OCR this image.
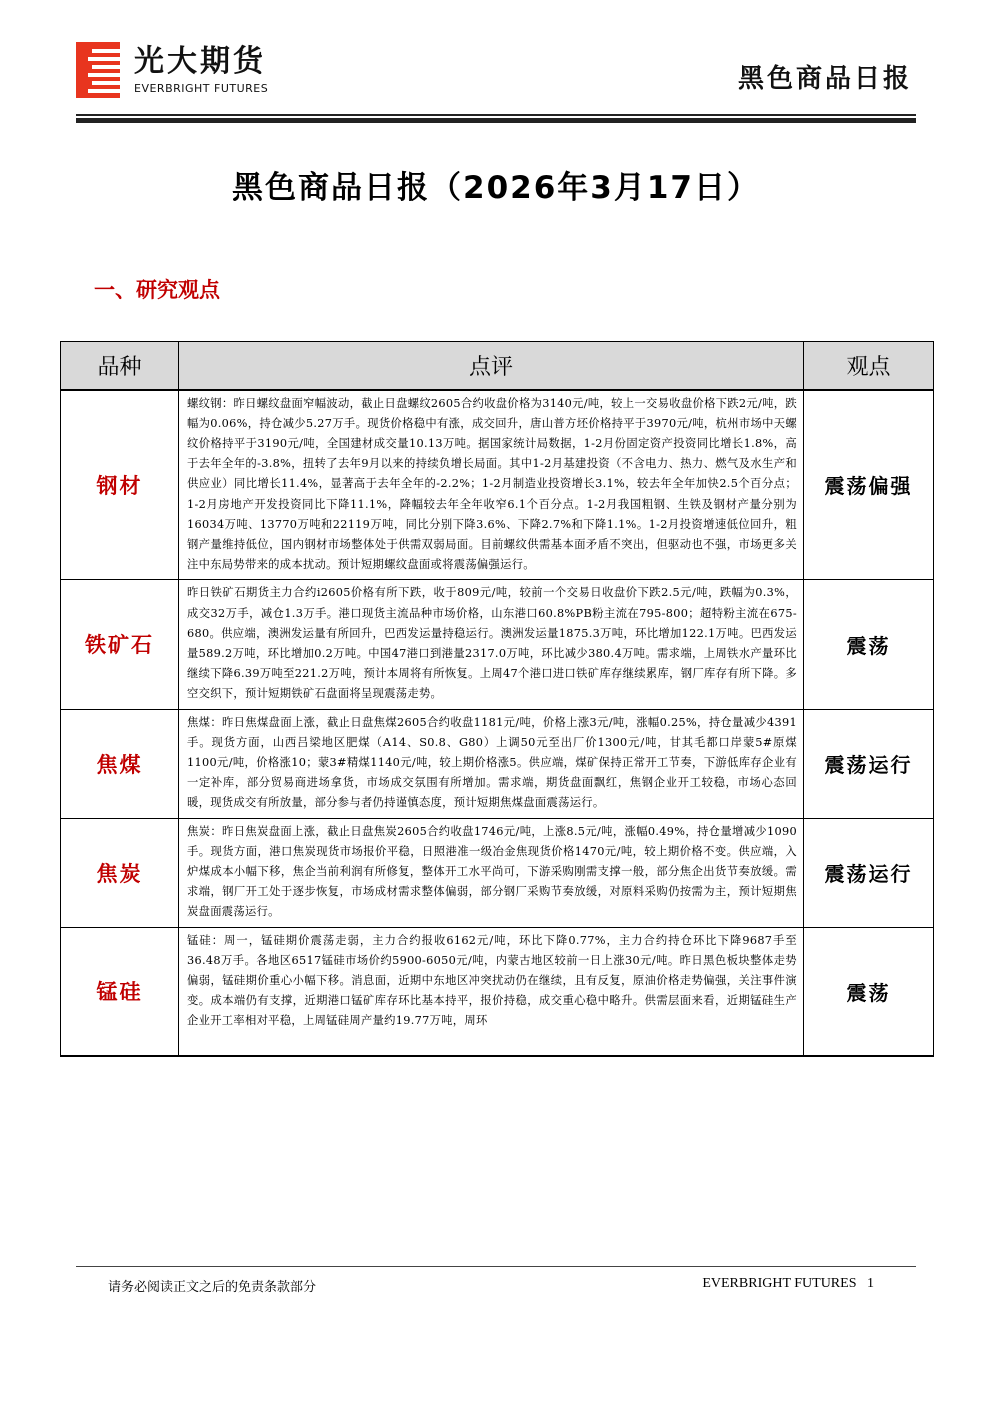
光大期货
EVERBRIGHT FUTURES	黑色商品日报
黑色商品日报（2026年3月17日）
一、研究观点
品种	点评	观点
钢材	螺纹钢：昨日螺纹盘面窄幅波动，截止日盘螺纹2605合约收盘价格为3140元/吨，较上一交易收盘价格下跌2元/吨，跌幅为0.06%，持仓减少5.27万手。现货价格稳中有涨，成交回升，唐山普方坯价格持平于3970元/吨，杭州市场中天螺纹价格持平于3190元/吨，全国建材成交量10.13万吨。据国家统计局数据，1-2月份固定资产投资同比增长1.8%，高于去年全年的-3.8%，扭转了去年9月以来的持续负增长局面。其中1-2月基建投资（不含电力、热力、燃气及水生产和供应业）同比增长11.4%，显著高于去年全年的-2.2%；1-2月制造业投资增长3.1%，较去年全年加快2.5个百分点；1-2月房地产开发投资同比下降11.1%，降幅较去年全年收窄6.1个百分点。1-2月我国粗钢、生铁及钢材产量分别为16034万吨、13770万吨和22119万吨，同比分别下降3.6%、下降2.7%和下降1.1%。1-2月投资增速低位回升，粗钢产量维持低位，国内钢材市场整体处于供需双弱局面。目前螺纹供需基本面矛盾不突出，但驱动也不强，市场更多关注中东局势带来的成本扰动。预计短期螺纹盘面或将震荡偏强运行。	震荡偏强
铁矿石	昨日铁矿石期货主力合约i2605价格有所下跌，收于809元/吨，较前一个交易日收盘价下跌2.5元/吨，跌幅为0.3%，成交32万手，减仓1.3万手。港口现货主流品种市场价格，山东港口60.8%PB粉主流在795-800；超特粉主流在675-680。供应端，澳洲发运量有所回升，巴西发运量持稳运行。澳洲发运量1875.3万吨，环比增加122.1万吨。巴西发运量589.2万吨，环比增加0.2万吨。中国47港口到港量2317.0万吨，环比减少380.4万吨。需求端，上周铁水产量环比继续下降6.39万吨至221.2万吨，预计本周将有所恢复。上周47个港口进口铁矿库存继续累库，钢厂库存有所下降。多空交织下，预计短期铁矿石盘面将呈现震荡走势。	震荡
焦煤	焦煤：昨日焦煤盘面上涨，截止日盘焦煤2605合约收盘1181元/吨，价格上涨3元/吨，涨幅0.25%，持仓量减少4391手。现货方面，山西吕梁地区肥煤（A14、S0.8、G80）上调50元至出厂价1300元/吨，甘其毛都口岸蒙5#原煤1100元/吨，价格涨10；蒙3#精煤1140元/吨，较上期价格涨5。供应端，煤矿保持正常开工节奏，下游低库存企业有一定补库，部分贸易商进场拿货，市场成交氛围有所增加。需求端，期货盘面飘红，焦钢企业开工较稳，市场心态回暖，现货成交有所放量，部分参与者仍持谨慎态度，预计短期焦煤盘面震荡运行。	震荡运行
焦炭	焦炭：昨日焦炭盘面上涨，截止日盘焦炭2605合约收盘1746元/吨，上涨8.5元/吨，涨幅0.49%，持仓量增减少1090手。现货方面，港口焦炭现货市场报价平稳，日照港准一级冶金焦现货价格1470元/吨，较上期价格不变。供应端，入炉煤成本小幅下移，焦企当前利润有所修复，整体开工水平尚可，下游采购刚需支撑一般，部分焦企出货节奏放缓。需求端，钢厂开工处于逐步恢复，市场成材需求整体偏弱，部分钢厂采购节奏放缓，对原料采购仍按需为主，预计短期焦炭盘面震荡运行。	震荡运行
锰硅	锰硅：周一，锰硅期价震荡走弱，主力合约报收6162元/吨，环比下降0.77%，主力合约持仓环比下降9687手至36.48万手。各地区6517锰硅市场价约5900-6050元/吨，内蒙古地区较前一日上涨30元/吨。昨日黑色板块整体走势偏弱，锰硅期价重心小幅下移。消息面，近期中东地区冲突扰动仍在继续，且有反复，原油价格走势偏强，关注事件演变。成本端仍有支撑，近期港口锰矿库存环比基本持平，报价持稳，成交重心稳中略升。供需层面来看，近期锰硅生产企业开工率相对平稳，上周锰硅周产量约19.77万吨，周环	震荡
请务必阅读正文之后的免责条款部分	EVERBRIGHT FUTURES 1
